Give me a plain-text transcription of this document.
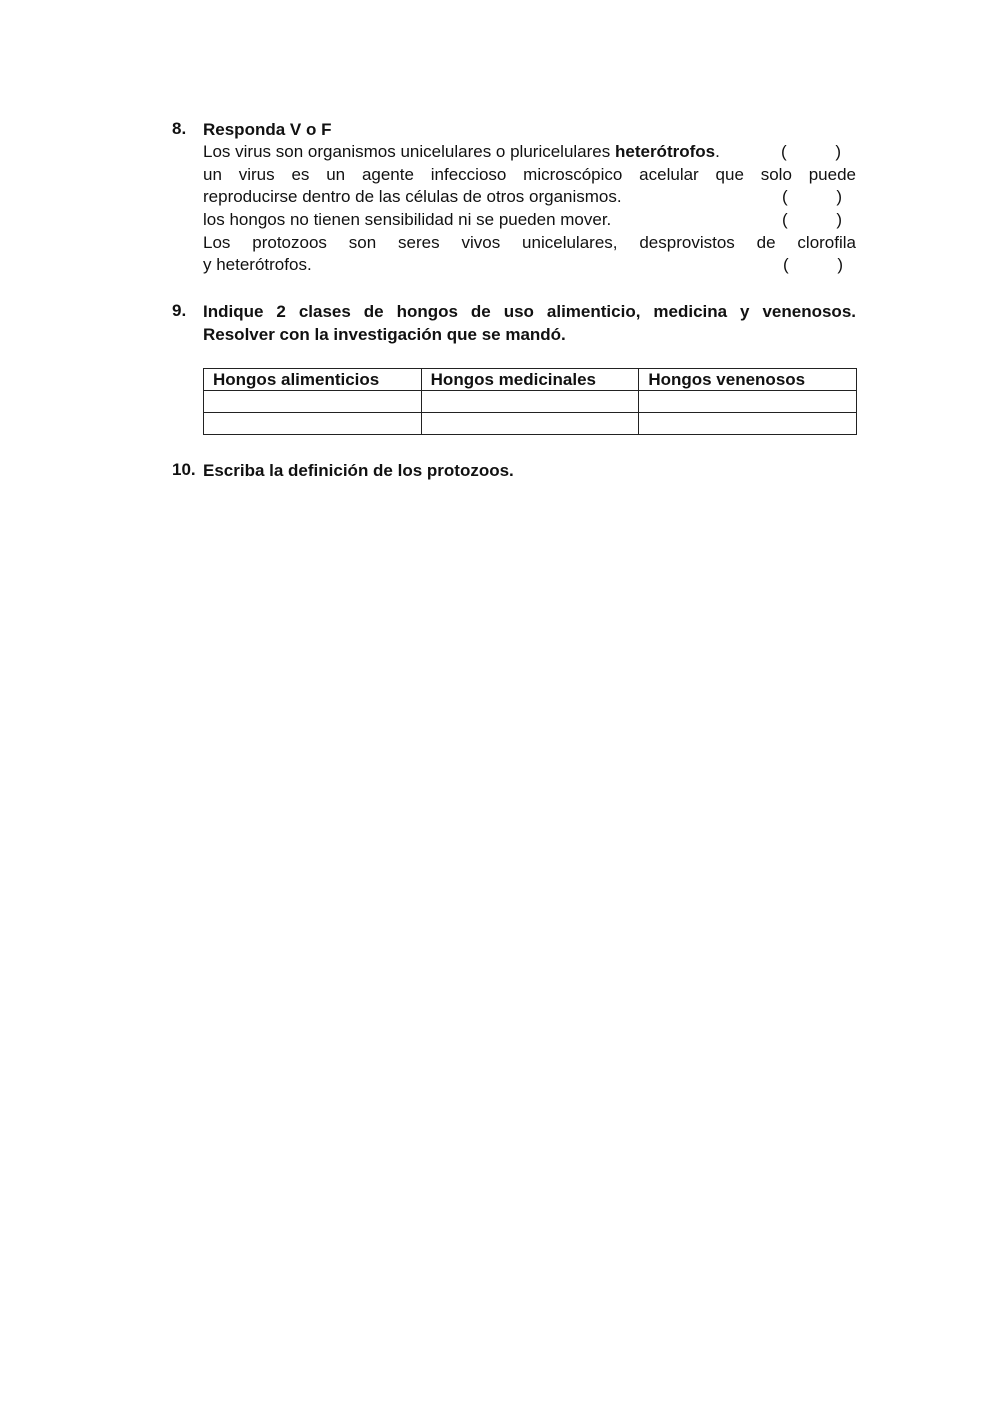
8. Responda V o F
Los virus son organismos unicelulares o pluricelulares heterótrofos.	(	)
un virus es un agente infeccioso microscópico acelular que solo puede
reproducirse dentro de las células de otros organismos.	(	)
los hongos no tienen sensibilidad ni se pueden mover.	(	)
Los protozoos son seres vivos unicelulares, desprovistos de clorofila
y heterótrofos.	(	)
9. Indique 2 clases de hongos de uso alimenticio, medicina y venenosos.
Resolver con la investigación que se mandó.
Hongos alimenticios	Hongos medicinales	Hongos venenosos

10. Escriba la definición de los protozoos.
